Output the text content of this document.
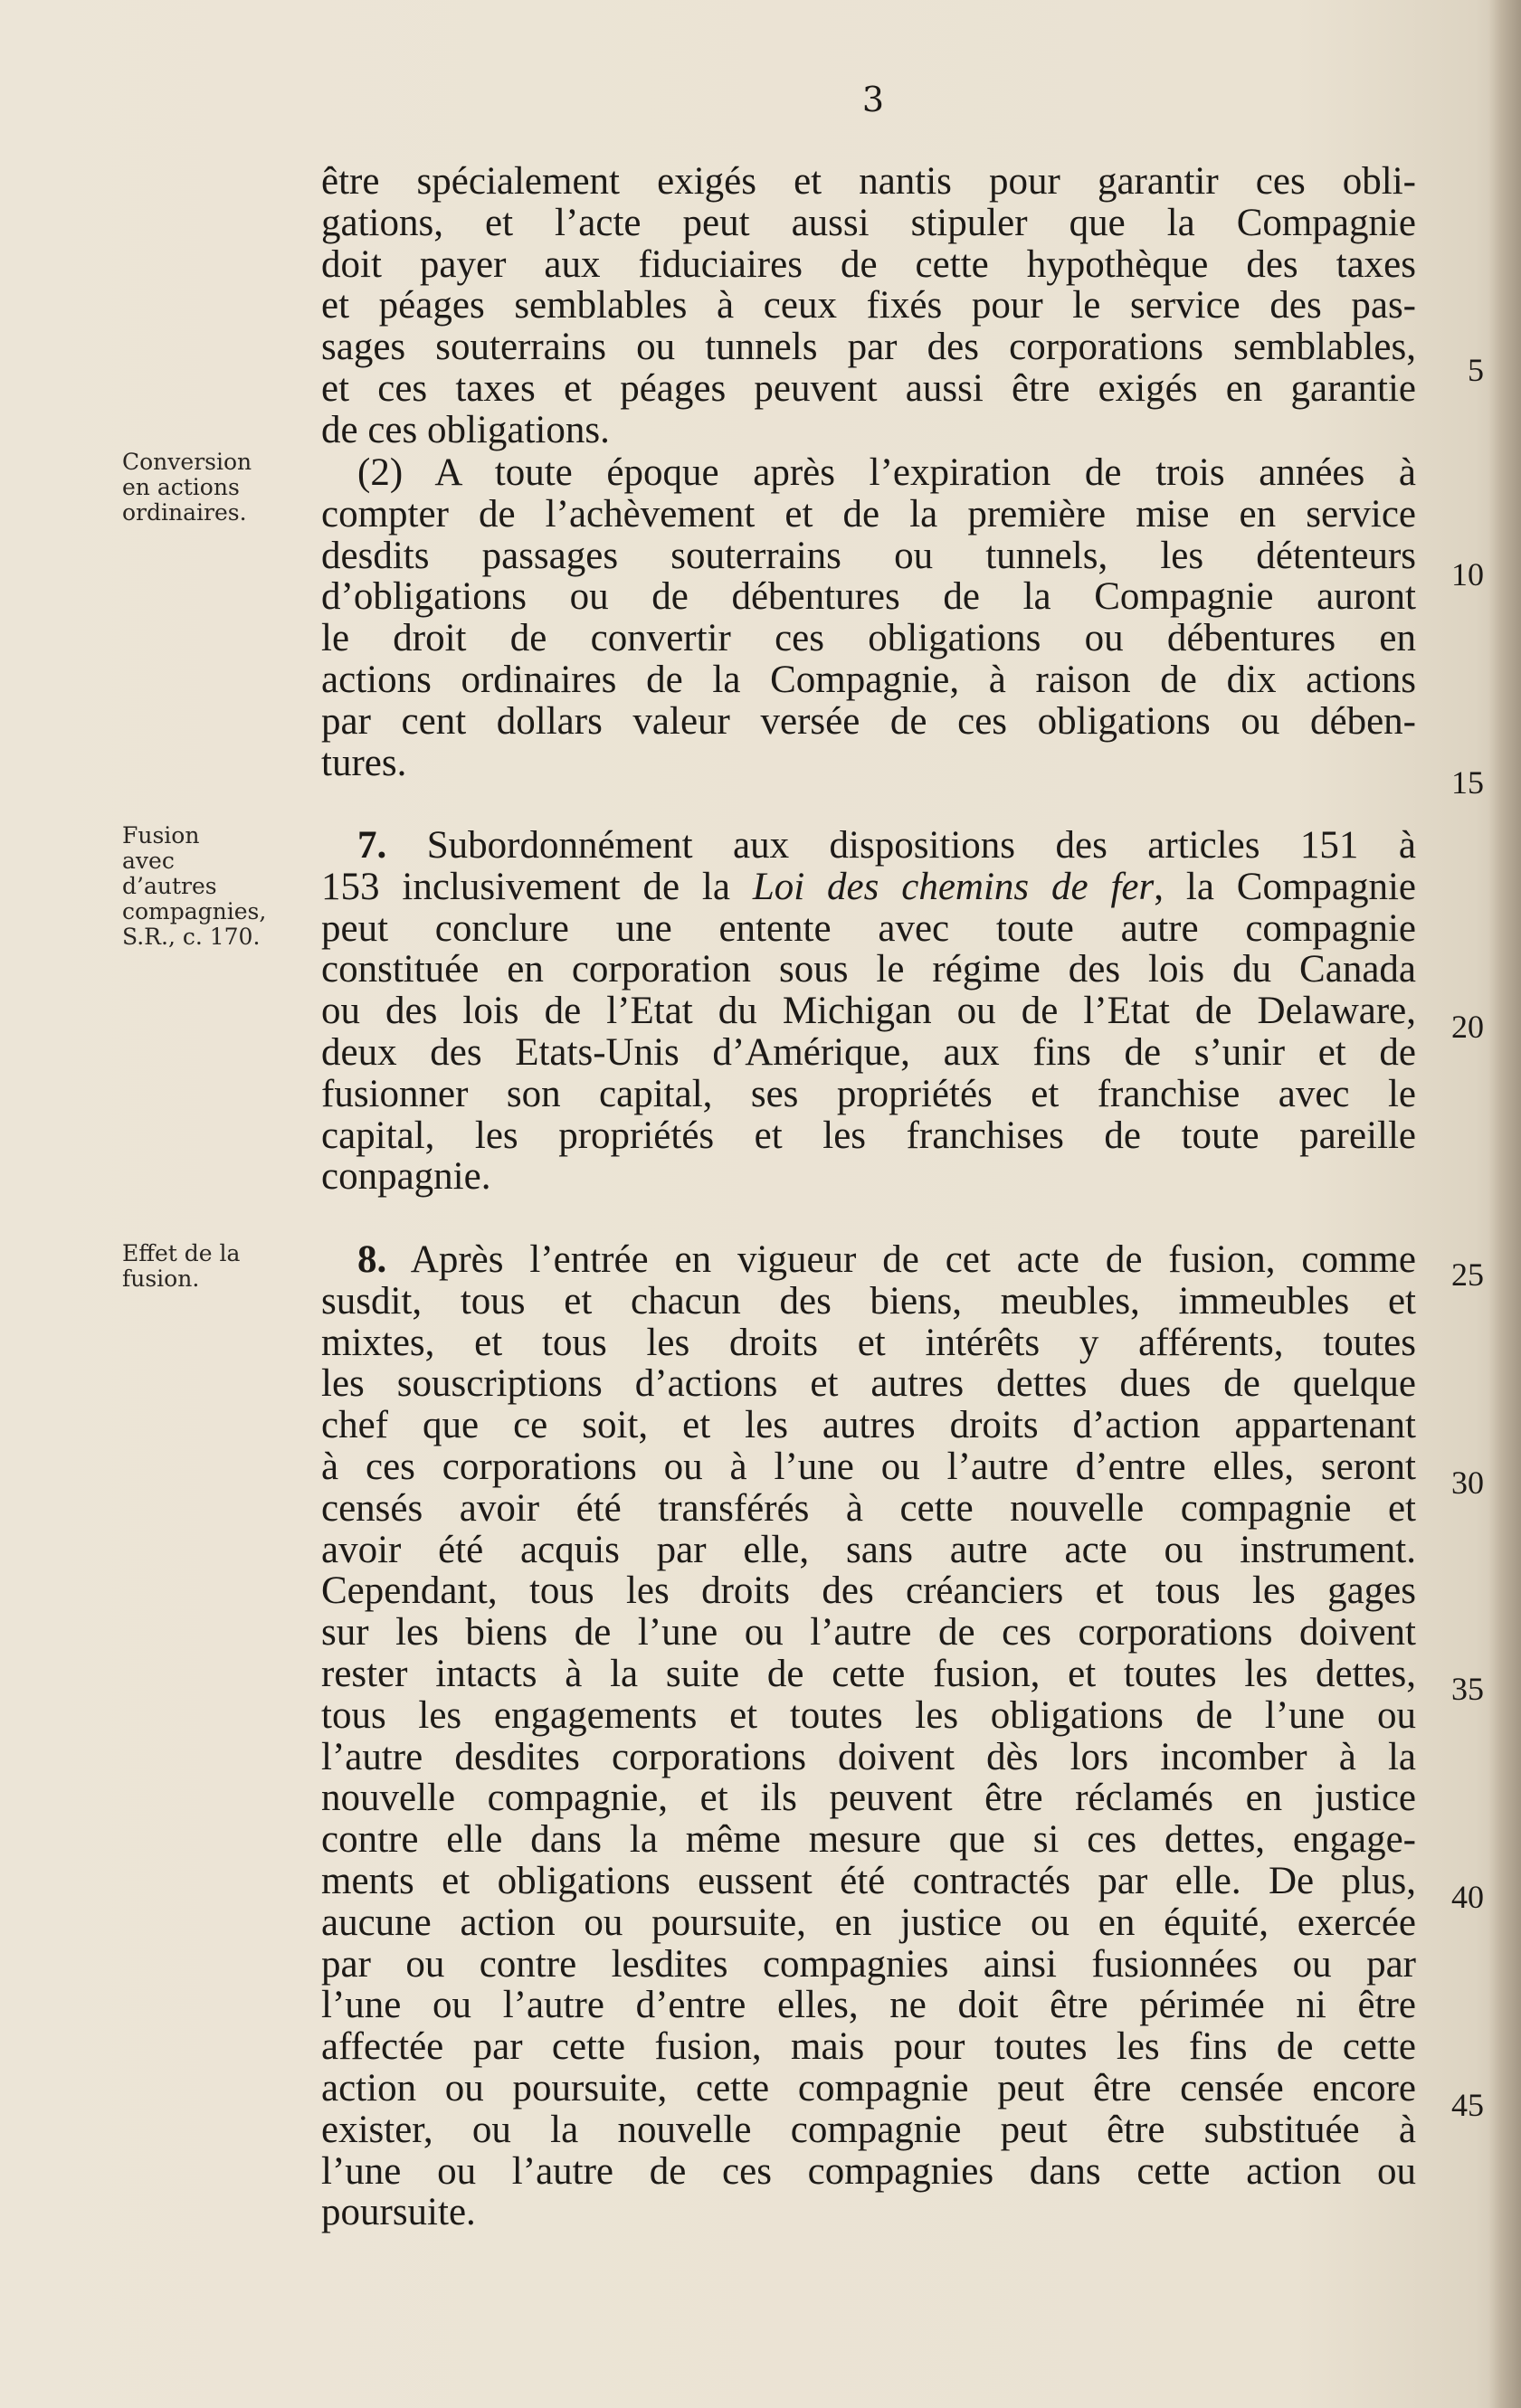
3
être spécialement exigés et nantis pour garantir ces obli-
gations, et l’acte peut aussi stipuler que la Compagnie
doit payer aux fiduciaires de cette hypothèque des taxes
et péages semblables à ceux fixés pour le service des pas-
sages souterrains ou tunnels par des corporations semblables,
et ces taxes et péages peuvent aussi être exigés en garantie
de ces obligations.
(2) A toute époque après l’expiration de trois années à
compter de l’achèvement et de la première mise en service
desdits passages souterrains ou tunnels, les détenteurs
d’obligations ou de débentures de la Compagnie auront
le droit de convertir ces obligations ou débentures en
actions ordinaires de la Compagnie, à raison de dix actions
par cent dollars valeur versée de ces obligations ou dében-
tures.
7. Subordonnément aux dispositions des articles 151 à
153 inclusivement de la Loi des chemins de fer, la Compagnie
peut conclure une entente avec toute autre compagnie
constituée en corporation sous le régime des lois du Canada
ou des lois de l’Etat du Michigan ou de l’Etat de Delaware,
deux des Etats-Unis d’Amérique, aux fins de s’unir et de
fusionner son capital, ses propriétés et franchise avec le
capital, les propriétés et les franchises de toute pareille
conpagnie.
8. Après l’entrée en vigueur de cet acte de fusion, comme
susdit, tous et chacun des biens, meubles, immeubles et
mixtes, et tous les droits et intérêts y afférents, toutes
les souscriptions d’actions et autres dettes dues de quelque
chef que ce soit, et les autres droits d’action appartenant
à ces corporations ou à l’une ou l’autre d’entre elles, seront
censés avoir été transférés à cette nouvelle compagnie et
avoir été acquis par elle, sans autre acte ou instrument.
Cependant, tous les droits des créanciers et tous les gages
sur les biens de l’une ou l’autre de ces corporations doivent
rester intacts à la suite de cette fusion, et toutes les dettes,
tous les engagements et toutes les obligations de l’une ou
l’autre desdites corporations doivent dès lors incomber à la
nouvelle compagnie, et ils peuvent être réclamés en justice
contre elle dans la même mesure que si ces dettes, engage-
ments et obligations eussent été contractés par elle. De plus,
aucune action ou poursuite, en justice ou en équité, exercée
par ou contre lesdites compagnies ainsi fusionnées ou par
l’une ou l’autre d’entre elles, ne doit être périmée ni être
affectée par cette fusion, mais pour toutes les fins de cette
action ou poursuite, cette compagnie peut être censée encore
exister, ou la nouvelle compagnie peut être substituée à
l’une ou l’autre de ces compagnies dans cette action ou
poursuite.
Conversion
en actions
ordinaires.
Fusion
avec
d’autres
compagnies,
S.R., c. 170.
Effet de la
fusion.
5
10
15
20
25
30
35
40
45
